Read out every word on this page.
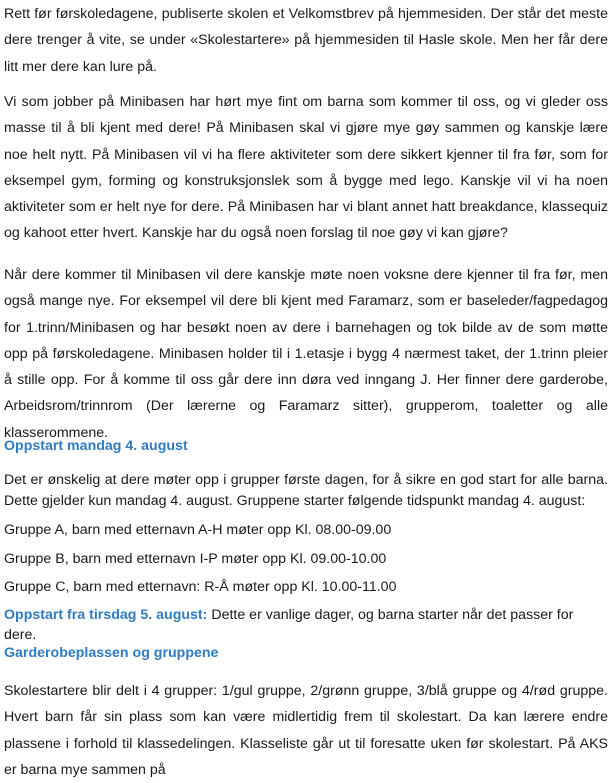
Rett før førskoledagene, publiserte skolen et Velkomstbrev på hjemmesiden. Der står det meste dere trenger å vite, se under «Skolestartere» på hjemmesiden til Hasle skole. Men her får dere litt mer dere kan lure på.

Vi som jobber på Minibasen har hørt mye fint om barna som kommer til oss, og vi gleder oss masse til å bli kjent med dere! På Minibasen skal vi gjøre mye gøy sammen og kanskje lære noe helt nytt. På Minibasen vil vi ha flere aktiviteter som dere sikkert kjenner til fra før, som for eksempel gym, forming og konstruksjonslek som å bygge med lego. Kanskje vil vi ha noen aktiviteter som er helt nye for dere. På Minibasen har vi blant annet hatt breakdance, klassequiz og kahoot etter hvert. Kanskje har du også noen forslag til noe gøy vi kan gjøre?

Når dere kommer til Minibasen vil dere kanskje møte noen voksne dere kjenner til fra før, men også mange nye. For eksempel vil dere bli kjent med Faramarz, som er baseleder/fagpedagog for 1.trinn/Minibasen og har besøkt noen av dere i barnehagen og tok bilde av de som møtte opp på førskoledagene. Minibasen holder til i 1.etasje i bygg 4 nærmest taket, der 1.trinn pleier å stille opp. For å komme til oss går dere inn døra ved inngang J. Her finner dere garderobe, Arbeidsrom/trinnrom (Der lærerne og Faramarz sitter), grupperom, toaletter og alle klasserommene.

Oppstart mandag 4. august

Det er ønskelig at dere møter opp i grupper første dagen, for å sikre en god start for alle barna. Dette gjelder kun mandag 4. august. Gruppene starter følgende tidspunkt mandag 4. august:

Gruppe A, barn med etternavn A-H møter opp Kl. 08.00-09.00

Gruppe B, barn med etternavn I-P møter opp Kl. 09.00-10.00

Gruppe C, barn med etternavn: R-Å møter opp Kl. 10.00-11.00

Oppstart fra tirsdag 5. august: Dette er vanlige dager, og barna starter når det passer for dere.

Garderobeplassen og gruppene

Skolestartere blir delt i 4 grupper: 1/gul gruppe, 2/grønn gruppe, 3/blå gruppe og 4/rød gruppe. Hvert barn får sin plass som kan være midlertidig frem til skolestart. Da kan lærere endre plassene i forhold til klassedelingen. Klasseliste går ut til foresatte uken før skolestart. På AKS er barna mye sammen på
